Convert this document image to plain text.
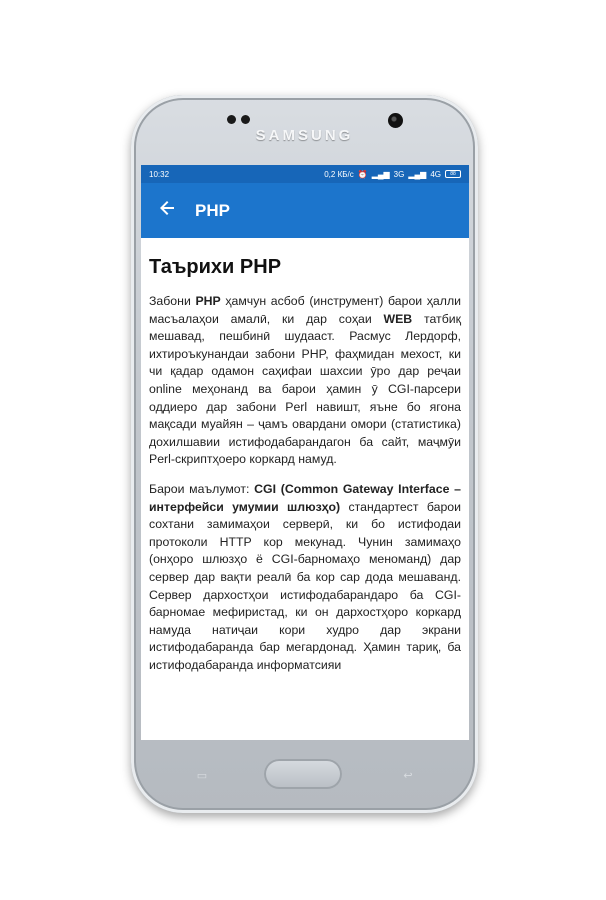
SAMSUNG
10:32	0,2 КБ/с ⏰ ▂▄▆ 3G ▂▄▆ 4G	88
PHP
Таърихи PHP

Забони PHP ҳамчун асбоб (инструмент) барои ҳалли масъалаҳои амалӣ, ки дар соҳаи WEB татбиқ мешавад, пешбинӣ шудааст. Расмус Лердорф, ихтироъкунандаи забони PHP, фаҳмидан мехост, ки чи қадар одамон саҳифаи шахсии ӯро дар реҷаи online меҳонанд ва барои ҳамин ӯ CGI-парсери оддиеро дар забони Perl навишт, яъне бо ягона мақсади муайян – ҷамъ овардани омори (статистика) дохилшавии истифодабарандагон ба сайт, маҷмӯи Perl-скриптҳоеро коркард намуд.

Барои маълумот: CGI (Common Gateway Interface – интерфейси умумии шлюзҳо) стандартест барои сохтани замимаҳои серверӣ, ки бо истифодаи протоколи HTTP кор мекунад. Чунин замимаҳо (онҳоро шлюзҳо ё CGI-барномаҳо меноманд) дар сервер дар вақти реалӣ ба кор сар дода мешаванд. Сервер дархостҳои истифодабарандаро ба CGI-барномае мефиристад, ки он дархостҳоро коркард намуда натиҷаи кори худро дар экрани истифодабаранда бар мегардонад. Ҳамин тариқ, ба истифодабаранда информатсияи

▭	↩
